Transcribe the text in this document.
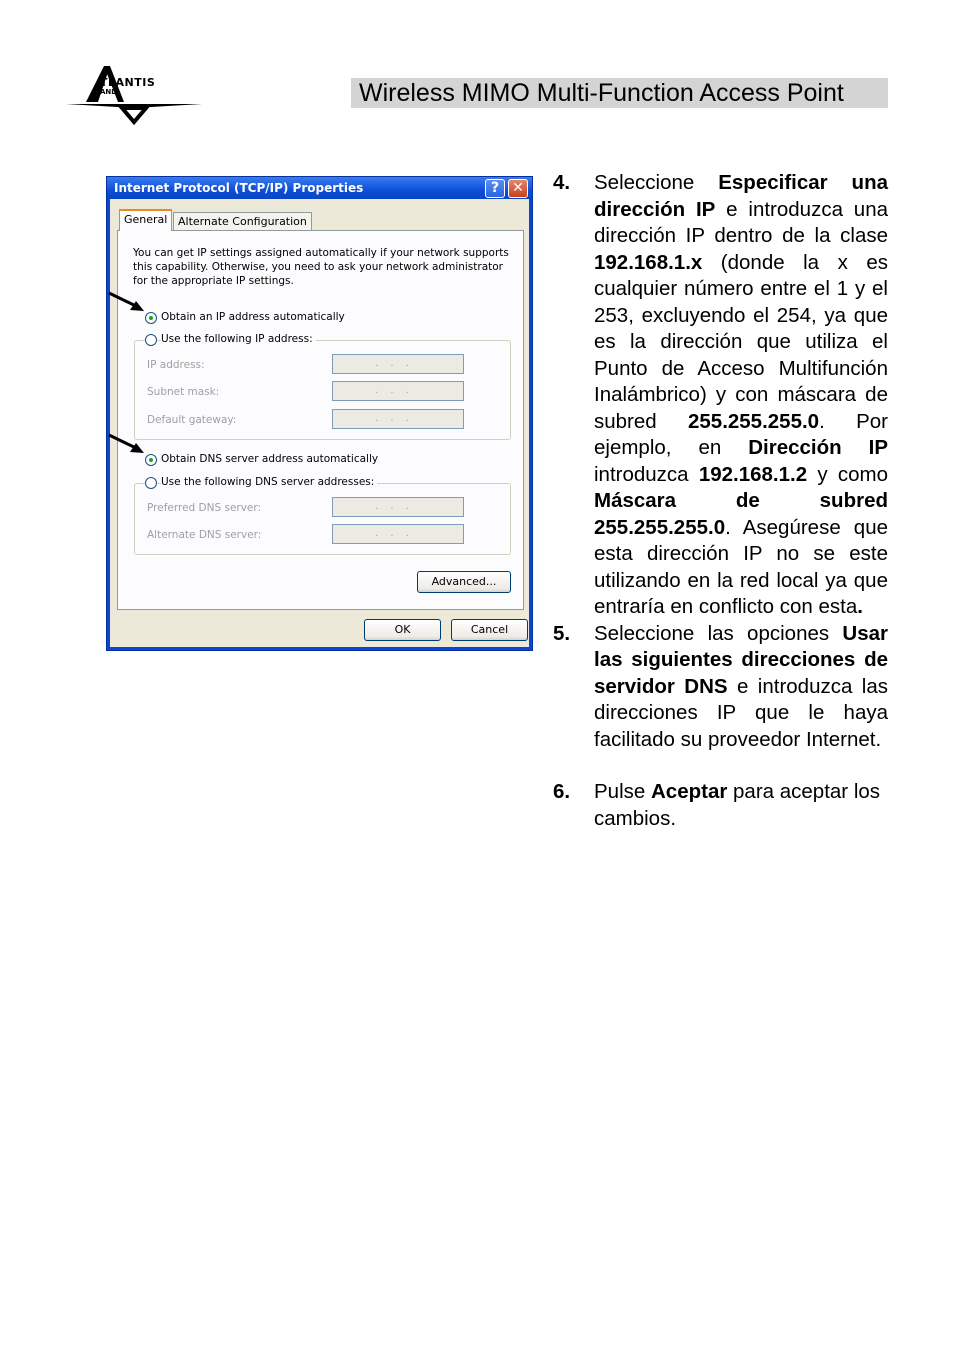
TLANTIS
AND	Wireless MIMO Multi-Function Access Point
Internet Protocol (TCP/IP) Properties	? ✕
General Alternate Configuration
You can get IP settings assigned automatically if your network supports this capability. Otherwise, you need to ask your network administrator for the appropriate IP settings.
Obtain an IP address automatically
Use the following IP address:
IP address:	...
Subnet mask:	...
Default gateway:	...
Obtain DNS server address automatically
Use the following DNS server addresses:
Preferred DNS server:	...
Alternate DNS server:	...
Advanced...
OK	Cancel
4. Seleccione Especificar una dirección IP e introduzca una dirección IP dentro de la clase 192.168.1.x (donde la x es cualquier número entre el 1 y el 253, excluyendo el 254, ya que es la dirección que utiliza el Punto de Acceso Multifunción Inalámbrico) y con máscara de subred 255.255.255.0. Por ejemplo, en Dirección IP introduzca 192.168.1.2 y como Máscara de subred 255.255.255.0. Asegúrese que esta dirección IP no se este utilizando en la red local ya que entraría en conflicto con esta.
5. Seleccione las opciones Usar las siguientes direcciones de servidor DNS e introduzca las direcciones IP que le haya facilitado su proveedor Internet.
6. Pulse Aceptar para aceptar los cambios.
